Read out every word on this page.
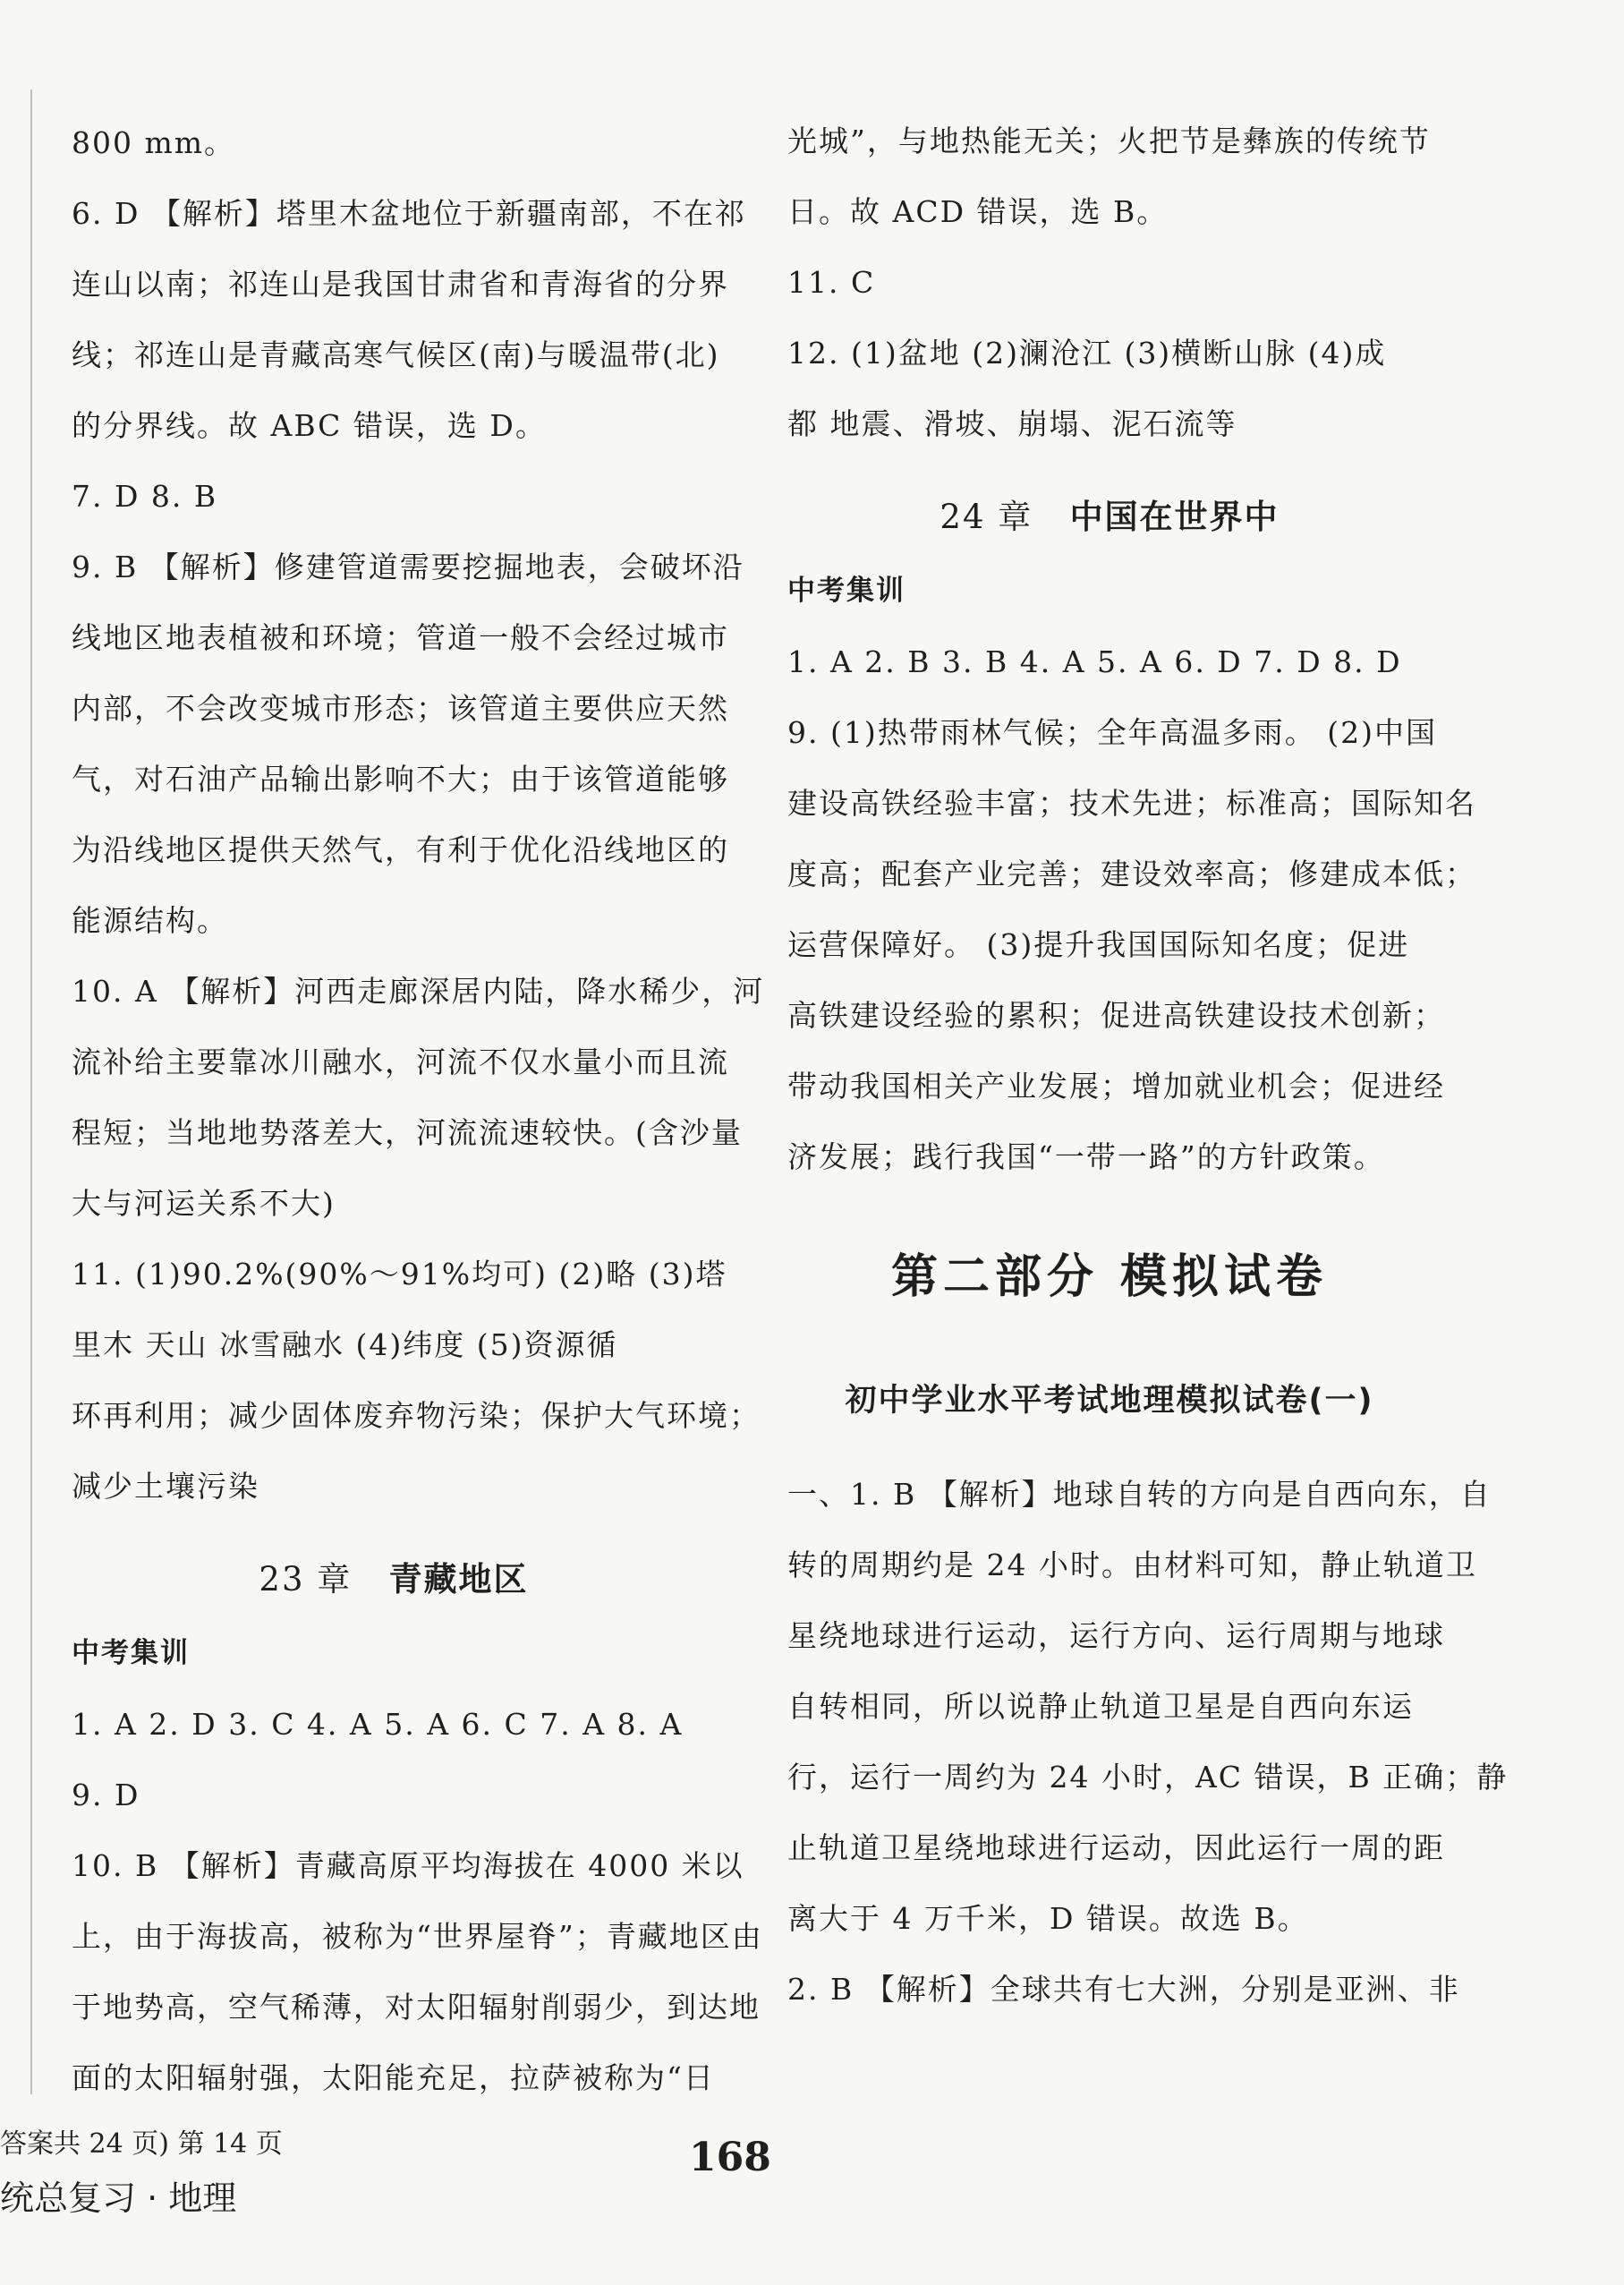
800 mm。
6. D 【解析】塔里木盆地位于新疆南部，不在祁
连山以南；祁连山是我国甘肃省和青海省的分界
线；祁连山是青藏高寒气候区(南)与暖温带(北)
的分界线。故 ABC 错误，选 D。
7. D 8. B
9. B 【解析】修建管道需要挖掘地表，会破坏沿
线地区地表植被和环境；管道一般不会经过城市
内部，不会改变城市形态；该管道主要供应天然
气，对石油产品输出影响不大；由于该管道能够
为沿线地区提供天然气，有利于优化沿线地区的
能源结构。
10. A 【解析】河西走廊深居内陆，降水稀少，河
流补给主要靠冰川融水，河流不仅水量小而且流
程短；当地地势落差大，河流流速较快。(含沙量
大与河运关系不大)
11. (1)90.2%(90%～91%均可) (2)略 (3)塔
里木 天山 冰雪融水 (4)纬度 (5)资源循
环再利用；减少固体废弃物污染；保护大气环境；
减少土壤污染
23 章 青藏地区
中考集训
1. A 2. D 3. C 4. A 5. A 6. C 7. A 8. A
9. D
10. B 【解析】青藏高原平均海拔在 4000 米以
上，由于海拔高，被称为“世界屋脊”；青藏地区由
于地势高，空气稀薄，对太阳辐射削弱少，到达地
面的太阳辐射强，太阳能充足，拉萨被称为“日
光城”，与地热能无关；火把节是彝族的传统节
日。故 ACD 错误，选 B。
11. C
12. (1)盆地 (2)澜沧江 (3)横断山脉 (4)成
都 地震、滑坡、崩塌、泥石流等
24 章 中国在世界中
中考集训
1. A 2. B 3. B 4. A 5. A 6. D 7. D 8. D
9. (1)热带雨林气候；全年高温多雨。 (2)中国
建设高铁经验丰富；技术先进；标准高；国际知名
度高；配套产业完善；建设效率高；修建成本低；
运营保障好。 (3)提升我国国际知名度；促进
高铁建设经验的累积；促进高铁建设技术创新；
带动我国相关产业发展；增加就业机会；促进经
济发展；践行我国“一带一路”的方针政策。
第二部分 模拟试卷
初中学业水平考试地理模拟试卷(一)
一、1. B 【解析】地球自转的方向是自西向东，自
转的周期约是 24 小时。由材料可知，静止轨道卫
星绕地球进行运动，运行方向、运行周期与地球
自转相同，所以说静止轨道卫星是自西向东运
行，运行一周约为 24 小时，AC 错误，B 正确；静
止轨道卫星绕地球进行运动，因此运行一周的距
离大于 4 万千米，D 错误。故选 B。
2. B 【解析】全球共有七大洲，分别是亚洲、非
答案共 24 页) 第 14 页
统总复习 · 地理
168
